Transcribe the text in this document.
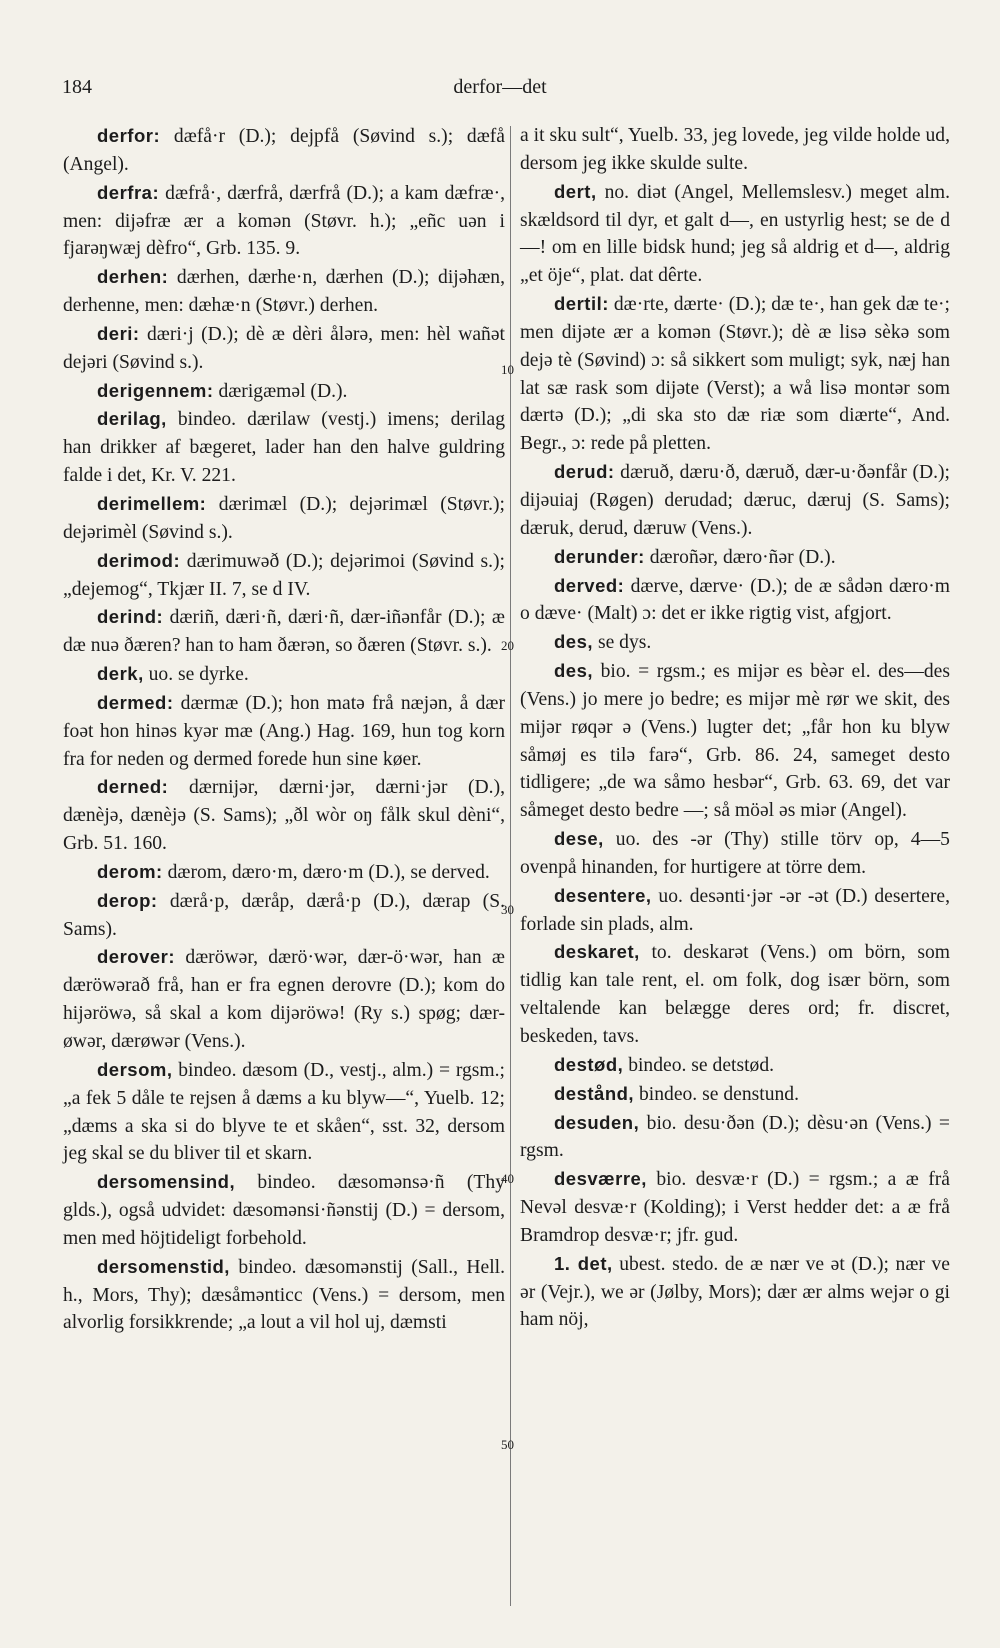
184	derfor—det

derfor: dæfå·r (D.); dejpfå (Søvind s.); dæfå (Angel).

derfra: dæfrå·, dærfrå, dærfrå (D.); a kam dæfræ·, men: dijəfræ ær a komən (Støvr. h.); „eñc uən i fjarəŋwæj dèfro“, Grb. 135. 9.

derhen: dærhen, dærhe·n, dærhen (D.); dijəhæn, derhenne, men: dæhæ·n (Støvr.) derhen.

deri: dæri·j (D.); dè æ dèri ålərə, men: hèl wañət dejəri (Søvind s.).

derigennem: dærigæməl (D.).

derilag, bindeo. dærilaw (vestj.) imens; derilag han drikker af bægeret, lader han den halve guldring falde i det, Kr. V. 221.

derimellem: dærimæl (D.); dejərimæl (Støvr.); dejərimèl (Søvind s.).

derimod: dærimuwəð (D.); dejərimoi (Søvind s.); „dejemog“, Tkjær II. 7, se d IV.

derind: dæriñ, dæri·ñ, dæri·ñ, dær-iñənfår (D.); æ dæ nuə ðæren? han to ham ðærən, so ðæren (Støvr. s.).

derk, uo. se dyrke.

dermed: dærmæ (D.); hon matə frå næjən, å dær foət hon hinəs kyər mæ (Ang.) Hag. 169, hun tog korn fra for neden og dermed forede hun sine køer.

derned: dærnijər, dærni·jər, dærni·jər (D.), dænèjə, dænèjə (S. Sams); „ðl wòr oŋ fålk skul dèni“, Grb. 51. 160.

derom: dærom, dæro·m, dæro·m (D.), se derved.

derop: dærå·p, dæråp, dærå·p (D.), dærap (S. Sams).

derover: dæröwər, dærö·wər, dær-ö·wər, han æ dæröwərað frå, han er fra egnen derovre (D.); kom do hijəröwə, så skal a kom dijəröwə! (Ry s.) spøg; dær-øwər, dærøwər (Vens.).

dersom, bindeo. dæsom (D., vestj., alm.) = rgsm.; „a fek 5 dåle te rejsen å dæms a ku blyw—“, Yuelb. 12; „dæms a ska si do blyve te et skåen“, sst. 32, dersom jeg skal se du bliver til et skarn.

dersomensind, bindeo. dæsomənsə·ñ (Thy glds.), også udvidet: dæsomənsi·ñənstij (D.) = dersom, men med höjtideligt forbehold.

dersomenstid, bindeo. dæsomənstij (Sall., Hell. h., Mors, Thy); dæsåmənticc (Vens.) = dersom, men alvorlig forsikkrende; „a lout a vil hol uj, dæmsti

a it sku sult“, Yuelb. 33, jeg lovede, jeg vilde holde ud, dersom jeg ikke skulde sulte.

dert, no. diət (Angel, Mellemslesv.) meget alm. skældsord til dyr, et galt d—, en ustyrlig hest; se de d—! om en lille bidsk hund; jeg så aldrig et d—, aldrig „et öje“, plat. dat dêrte.

dertil: dæ·rte, dærte· (D.); dæ te·, han gek dæ te·; men dijəte ær a komən (Støvr.); dè æ lisə sèkə som dejə tè (Søvind) ɔ: så sikkert som muligt; syk, næj han lat sæ rask som dijəte (Verst); a wå lisə montər som dærtə (D.); „di ska sto dæ riæ som diærte“, And. Begr., ɔ: rede på pletten.

derud: dæruð, dæru·ð, dæruð, dær-u·ðənfår (D.); dijəuiaj (Røgen) derudad; dæruc, dæruj (S. Sams); dæruk, derud, dæruw (Vens.).

derunder: dæroñər, dæro·ñər (D.).

derved: dærve, dærve· (D.); de æ sådən dæro·m o dæve· (Malt) ɔ: det er ikke rigtig vist, afgjort.

des, se dys.

des, bio. = rgsm.; es mijər es bèər el. des—des (Vens.) jo mere jo bedre; es mijər mè rør we skit, des mijər røqər ə (Vens.) lugter det; „får hon ku blyw såmøj es tilə farə“, Grb. 86. 24, sameget desto tidligere; „de wa såmo hesbər“, Grb. 63. 69, det var såmeget desto bedre —; så möəl əs miər (Angel).

dese, uo. des -ər (Thy) stille törv op, 4—5 ovenpå hinanden, for hurtigere at törre dem.

desentere, uo. desənti·jər -ər -ət (D.) desertere, forlade sin plads, alm.

deskaret, to. deskarət (Vens.) om börn, som tidlig kan tale rent, el. om folk, dog især börn, som veltalende kan belægge deres ord; fr. discret, beskeden, tavs.

destød, bindeo. se detstød.

destånd, bindeo. se denstund.

desuden, bio. desu·ðən (D.); dèsu·ən (Vens.) = rgsm.

desværre, bio. desvæ·r (D.) = rgsm.; a æ frå Nevəl desvæ·r (Kolding); i Verst hedder det: a æ frå Bramdrop desvæ·r; jfr. gud.

1. det, ubest. stedo. de æ nær ve ət (D.); nær ve ər (Vejr.), we ər (Jølby, Mors); dær ær alms wejər o gi ham nöj,

10
20
30
40
50
